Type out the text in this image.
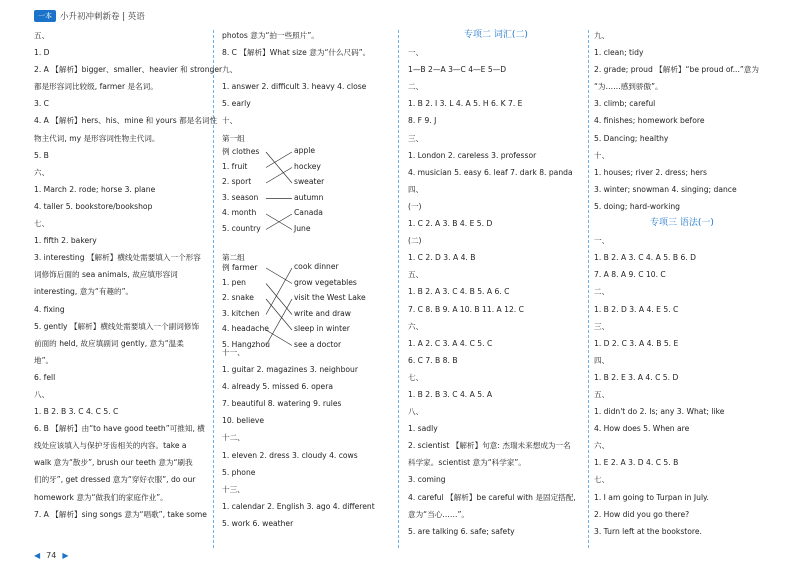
一本 小升初冲刺新卷 | 英语
五、
1. D
2. A 【解析】bigger、smaller、heavier 和 stronger
都是形容词比较级, farmer 是名词。
3. C
4. A 【解析】hers、his、mine 和 yours 都是名词性
物主代词, my 是形容词性物主代词。
5. B
六、
1. March 2. rode; horse 3. plane
4. taller 5. bookstore/bookshop
七、
1. fifth 2. bakery
3. interesting 【解析】横线处需要填入一个形容
词修饰后面的 sea animals, 故应填形容词
interesting, 意为“有趣的”。
4. fixing
5. gently 【解析】横线处需要填入一个副词修饰
前面的 held, 故应填副词 gently, 意为“温柔
地”。
6. fell
八、
1. B 2. B 3. C 4. C 5. C
6. B 【解析】由“to have good teeth”可推知, 横
线处应该填入与保护牙齿相关的内容。take a
walk 意为“散步”, brush our teeth 意为“刷我
们的牙”, get dressed 意为“穿好衣服”, do our
homework 意为“做我们的家庭作业”。
7. A 【解析】sing songs 意为“唱歌”, take some
photos 意为“拍一些照片”。
8. C 【解析】What size 意为“什么尺码”。
九、
1. answer 2. difficult 3. heavy 4. close
5. early
十、
第一组
例 clothes
1. fruit
2. sport
3. season
4. month
5. country
apple
hockey
sweater
autumn
Canada
June
第二组
例 farmer
1. pen
2. snake
3. kitchen
4. headache
5. Hangzhou
cook dinner
grow vegetables
visit the West Lake
write and draw
sleep in winter
see a doctor
十一、
1. guitar 2. magazines 3. neighbour
4. already 5. missed 6. opera
7. beautiful 8. watering 9. rules
10. believe
十二、
1. eleven 2. dress 3. cloudy 4. cows
5. phone
十三、
1. calendar 2. English 3. ago 4. different
5. work 6. weather
专项二 词汇(二)
一、
1—B 2—A 3—C 4—E 5—D
二、
1. B 2. I 3. L 4. A 5. H 6. K 7. E
8. F 9. J
三、
1. London 2. careless 3. professor
4. musician 5. easy 6. leaf 7. dark 8. panda
四、
(一)
1. C 2. A 3. B 4. E 5. D
(二)
1. C 2. D 3. A 4. B
五、
1. B 2. A 3. C 4. B 5. A 6. C
7. C 8. B 9. A 10. B 11. A 12. C
六、
1. A 2. C 3. A 4. C 5. C
6. C 7. B 8. B
七、
1. B 2. B 3. C 4. A 5. A
八、
1. sadly
2. scientist 【解析】句意: 杰瑞未来想成为一名
科学家。scientist 意为“科学家”。
3. coming
4. careful 【解析】be careful with 是固定搭配,
意为“当心……”。
5. are talking 6. safe; safety
九、
1. clean; tidy
2. grade; proud 【解析】“be proud of...”意为
“为……感到骄傲”。
3. climb; careful
4. finishes; homework before
5. Dancing; healthy
十、
1. houses; river 2. dress; hers
3. winter; snowman 4. singing; dance
5. doing; hard-working
专项三 语法(一)
一、
1. B 2. A 3. C 4. A 5. B 6. D
7. A 8. A 9. C 10. C
二、
1. B 2. D 3. A 4. E 5. C
三、
1. D 2. C 3. A 4. B 5. E
四、
1. B 2. E 3. A 4. C 5. D
五、
1. didn't do 2. Is; any 3. What; like
4. How does 5. When are
六、
1. E 2. A 3. D 4. C 5. B
七、
1. I am going to Turpan in July.
2. How did you go there?
3. Turn left at the bookstore.
◀ 74 ▶
